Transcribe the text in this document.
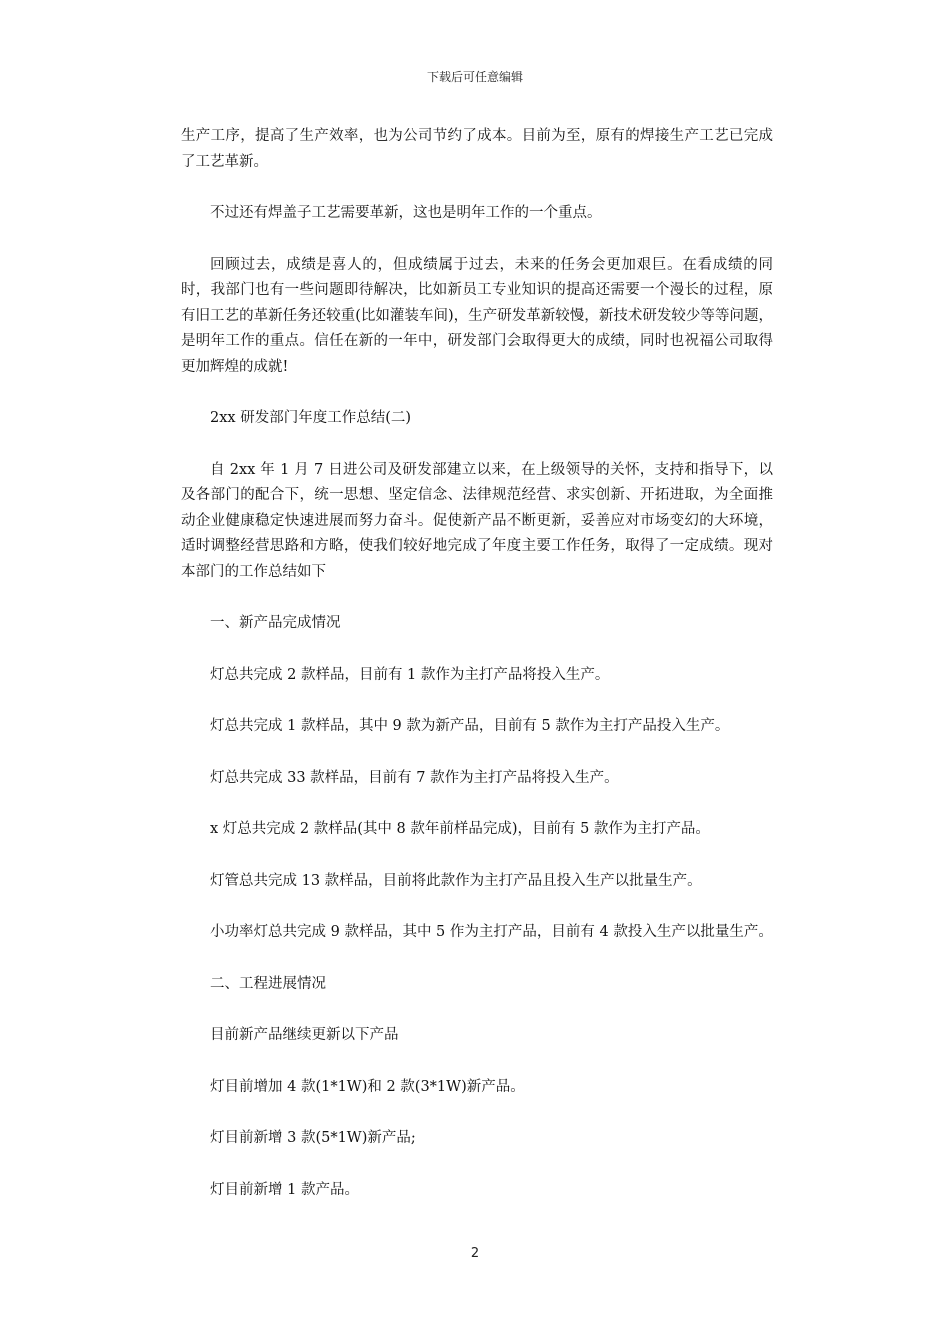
下载后可任意编辑

生产工序，提高了生产效率，也为公司节约了成本。目前为至，原有的焊接生产工艺已完成了工艺革新。

不过还有焊盖子工艺需要革新，这也是明年工作的一个重点。

回顾过去，成绩是喜人的，但成绩属于过去，未来的任务会更加艰巨。在看成绩的同时，我部门也有一些问题即待解决，比如新员工专业知识的提高还需要一个漫长的过程，原有旧工艺的革新任务还较重(比如灌装车间)，生产研发革新较慢，新技术研发较少等等问题，是明年工作的重点。信任在新的一年中，研发部门会取得更大的成绩，同时也祝福公司取得更加辉煌的成就!

2xx 研发部门年度工作总结(二)

自 2xx 年 1 月 7 日进公司及研发部建立以来，在上级领导的关怀，支持和指导下，以及各部门的配合下，统一思想、坚定信念、法律规范经营、求实创新、开拓进取，为全面推动企业健康稳定快速进展而努力奋斗。促使新产品不断更新，妥善应对市场变幻的大环境，适时调整经营思路和方略，使我们较好地完成了年度主要工作任务，取得了一定成绩。现对本部门的工作总结如下

一、新产品完成情况

灯总共完成 2 款样品，目前有 1 款作为主打产品将投入生产。

灯总共完成 1 款样品，其中 9 款为新产品，目前有 5 款作为主打产品投入生产。

灯总共完成 33 款样品，目前有 7 款作为主打产品将投入生产。

x 灯总共完成 2 款样品(其中 8 款年前样品完成)，目前有 5 款作为主打产品。

灯管总共完成 13 款样品，目前将此款作为主打产品且投入生产以批量生产。

小功率灯总共完成 9 款样品，其中 5 作为主打产品，目前有 4 款投入生产以批量生产。

二、工程进展情况

目前新产品继续更新以下产品

灯目前增加 4 款(1*1W)和 2 款(3*1W)新产品。

灯目前新增 3 款(5*1W)新产品;

灯目前新增 1 款产品。

2
